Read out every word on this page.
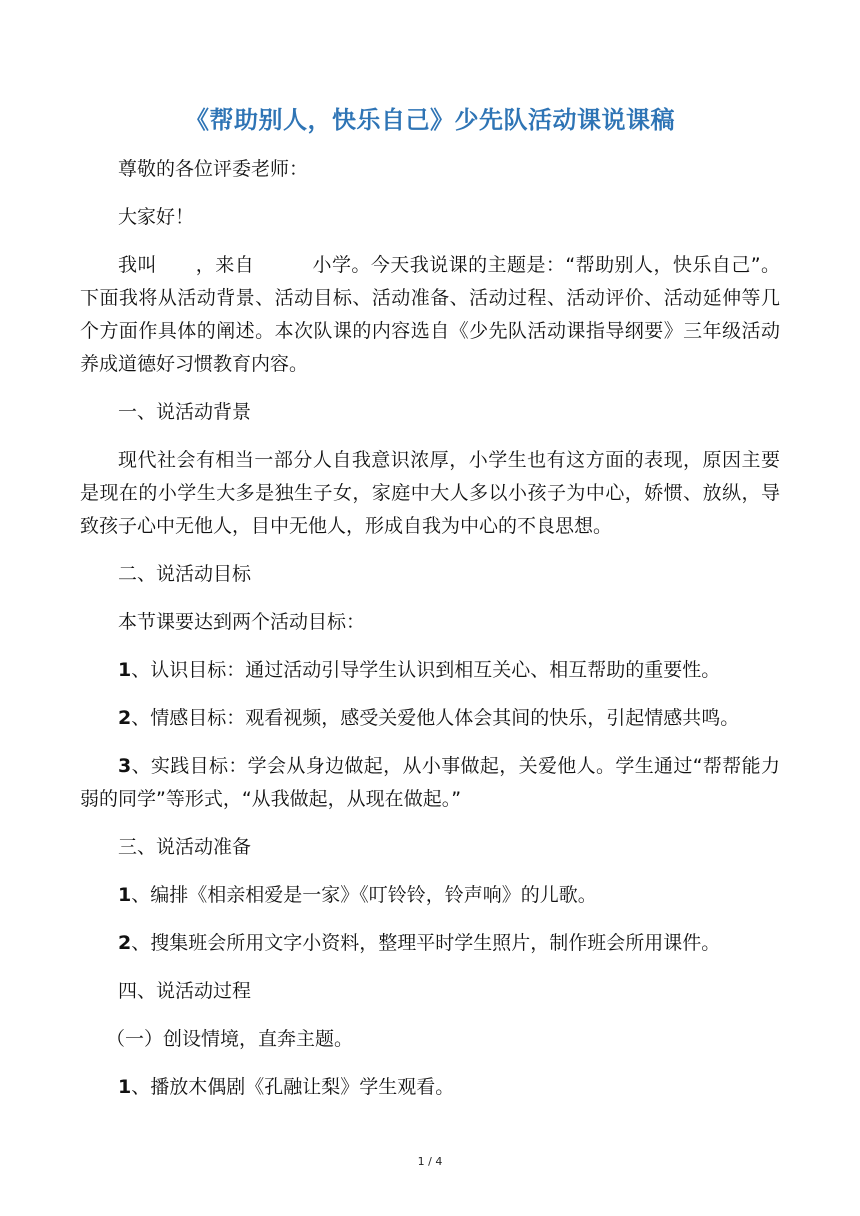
《帮助别人，快乐自己》少先队活动课说课稿

尊敬的各位评委老师：

大家好！

我叫　　，来自　　　小学。今天我说课的主题是：“帮助别人，快乐自己”。下面我将从活动背景、活动目标、活动准备、活动过程、活动评价、活动延伸等几个方面作具体的阐述。本次队课的内容选自《少先队活动课指导纲要》三年级活动养成道德好习惯教育内容。

一、说活动背景

现代社会有相当一部分人自我意识浓厚，小学生也有这方面的表现，原因主要是现在的小学生大多是独生子女，家庭中大人多以小孩子为中心，娇惯、放纵，导致孩子心中无他人，目中无他人，形成自我为中心的不良思想。

二、说活动目标

本节课要达到两个活动目标：

1、认识目标：通过活动引导学生认识到相互关心、相互帮助的重要性。

2、情感目标：观看视频，感受关爱他人体会其间的快乐，引起情感共鸣。

3、实践目标：学会从身边做起，从小事做起，关爱他人。学生通过“帮帮能力弱的同学”等形式，“从我做起，从现在做起。”

三、说活动准备

1、编排《相亲相爱是一家》《叮铃铃，铃声响》的儿歌。

2、搜集班会所用文字小资料，整理平时学生照片，制作班会所用课件。

四、说活动过程

（一）创设情境，直奔主题。

1、播放木偶剧《孔融让梨》学生观看。

1 / 4
